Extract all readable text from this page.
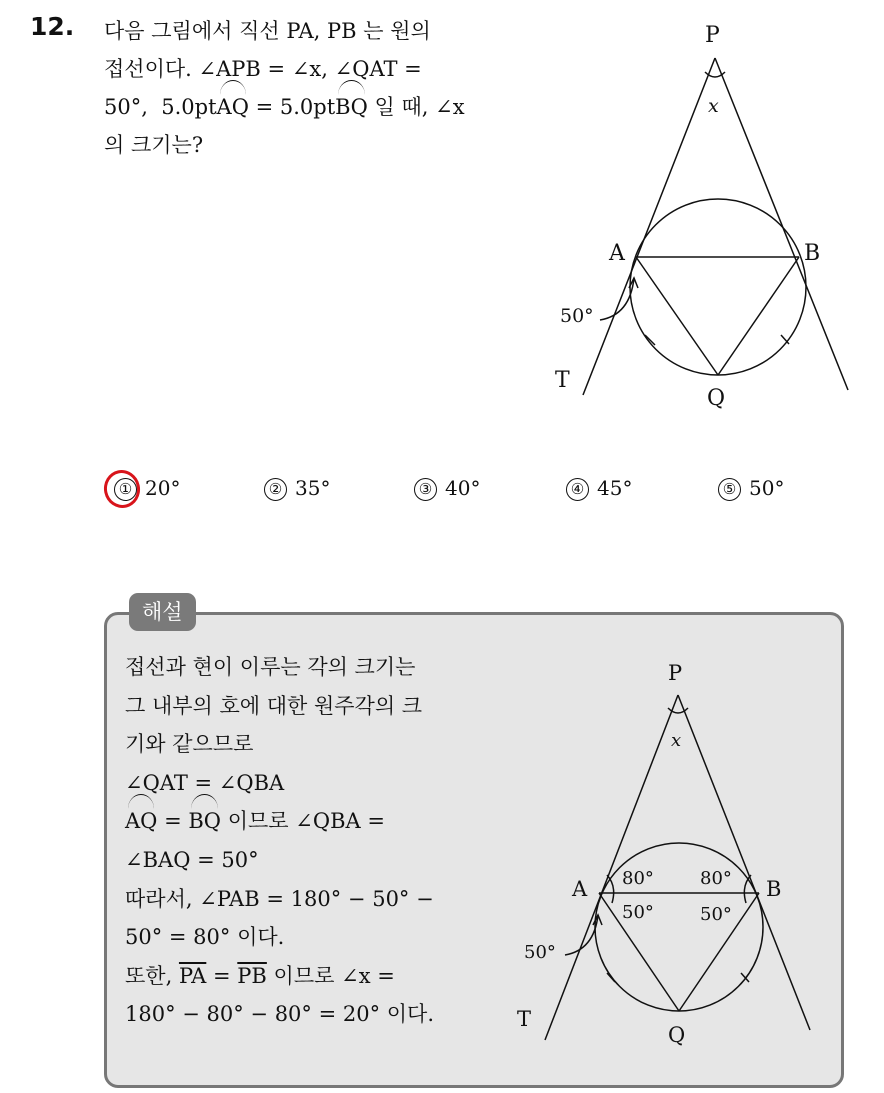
12. 다음 그림에서 직선 PA, PB 는 원의
접선이다. ∠APB = ∠x, ∠QAT =
50°, 5.0ptAQ = 5.0ptBQ 일 때, ∠x
의 크기는?
P
x
A	B
50°
T
Q
① 20°	② 35°	③ 40°	④ 45°	⑤ 50°
해설
접선과 현이 이루는 각의 크기는
그 내부의 호에 대한 원주각의 크
기와 같으므로
∠QAT = ∠QBA
AQ = BQ 이므로 ∠QBA =
∠BAQ = 50°
따라서, ∠PAB = 180° − 50° −
50° = 80° 이다.
또한, $\overline{PA} = \overline{PB}$ 이므로 ∠x =
180° − 80° − 80° = 20° 이다.
P
x
A	B
80°	80°
50°	50°
50°
T
Q
